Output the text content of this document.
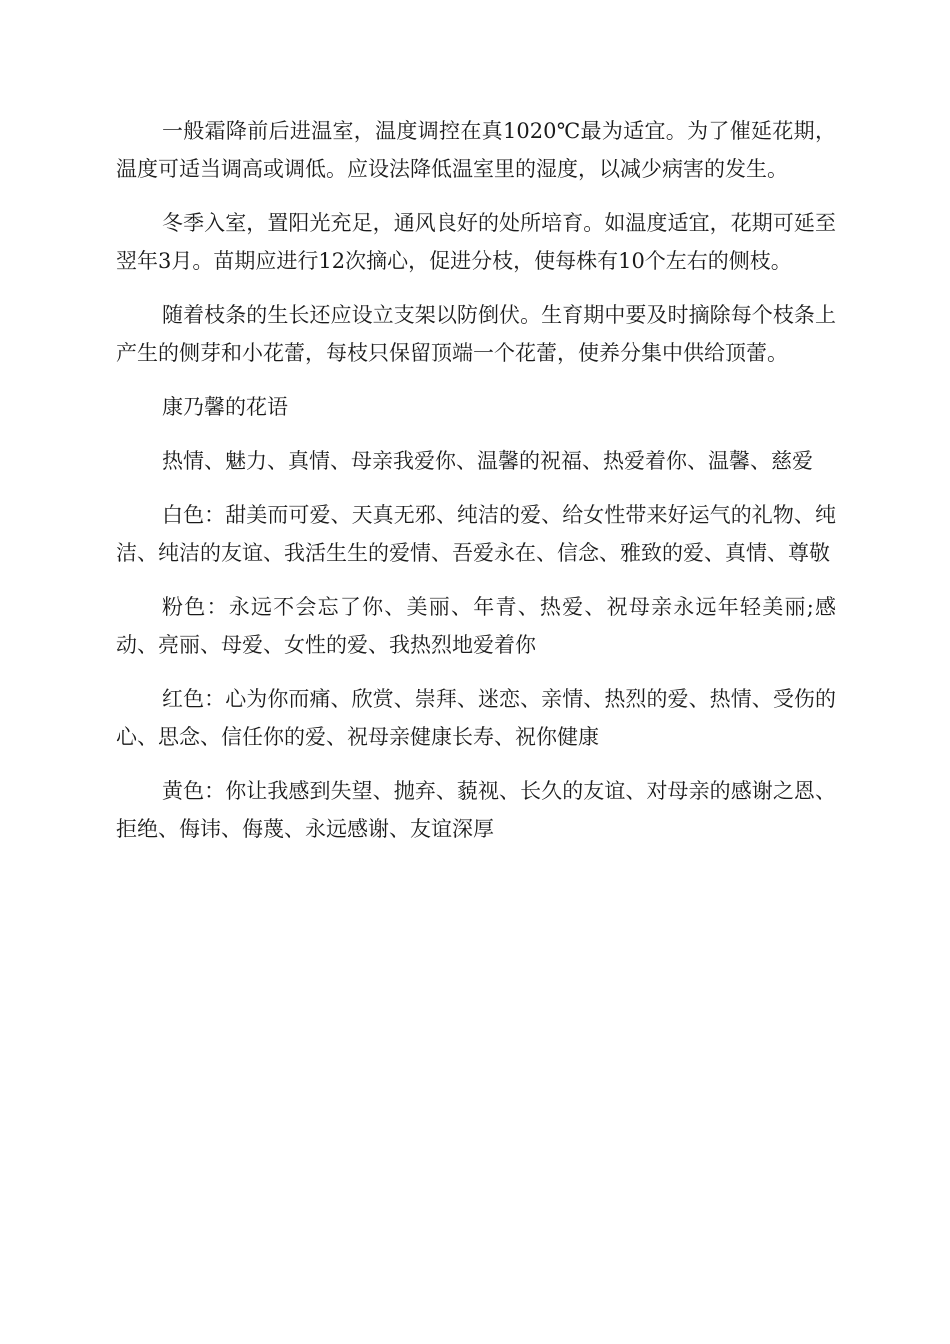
一般霜降前后进温室，温度调控在真1020℃最为适宜。为了催延花期，温度可适当调高或调低。应设法降低温室里的湿度，以减少病害的发生。

冬季入室，置阳光充足，通风良好的处所培育。如温度适宜，花期可延至翌年3月。苗期应进行12次摘心，促进分枝，使每株有10个左右的侧枝。

随着枝条的生长还应设立支架以防倒伏。生育期中要及时摘除每个枝条上产生的侧芽和小花蕾，每枝只保留顶端一个花蕾，使养分集中供给顶蕾。

康乃馨的花语

热情、魅力、真情、母亲我爱你、温馨的祝福、热爱着你、温馨、慈爱

白色：甜美而可爱、天真无邪、纯洁的爱、给女性带来好运气的礼物、纯洁、纯洁的友谊、我活生生的爱情、吾爱永在、信念、雅致的爱、真情、尊敬

粉色：永远不会忘了你、美丽、年青、热爱、祝母亲永远年轻美丽;感动、亮丽、母爱、女性的爱、我热烈地爱着你

红色：心为你而痛、欣赏、崇拜、迷恋、亲情、热烈的爱、热情、受伤的心、思念、信任你的爱、祝母亲健康长寿、祝你健康

黄色：你让我感到失望、抛弃、藐视、长久的友谊、对母亲的感谢之恩、拒绝、侮讳、侮蔑、永远感谢、友谊深厚
